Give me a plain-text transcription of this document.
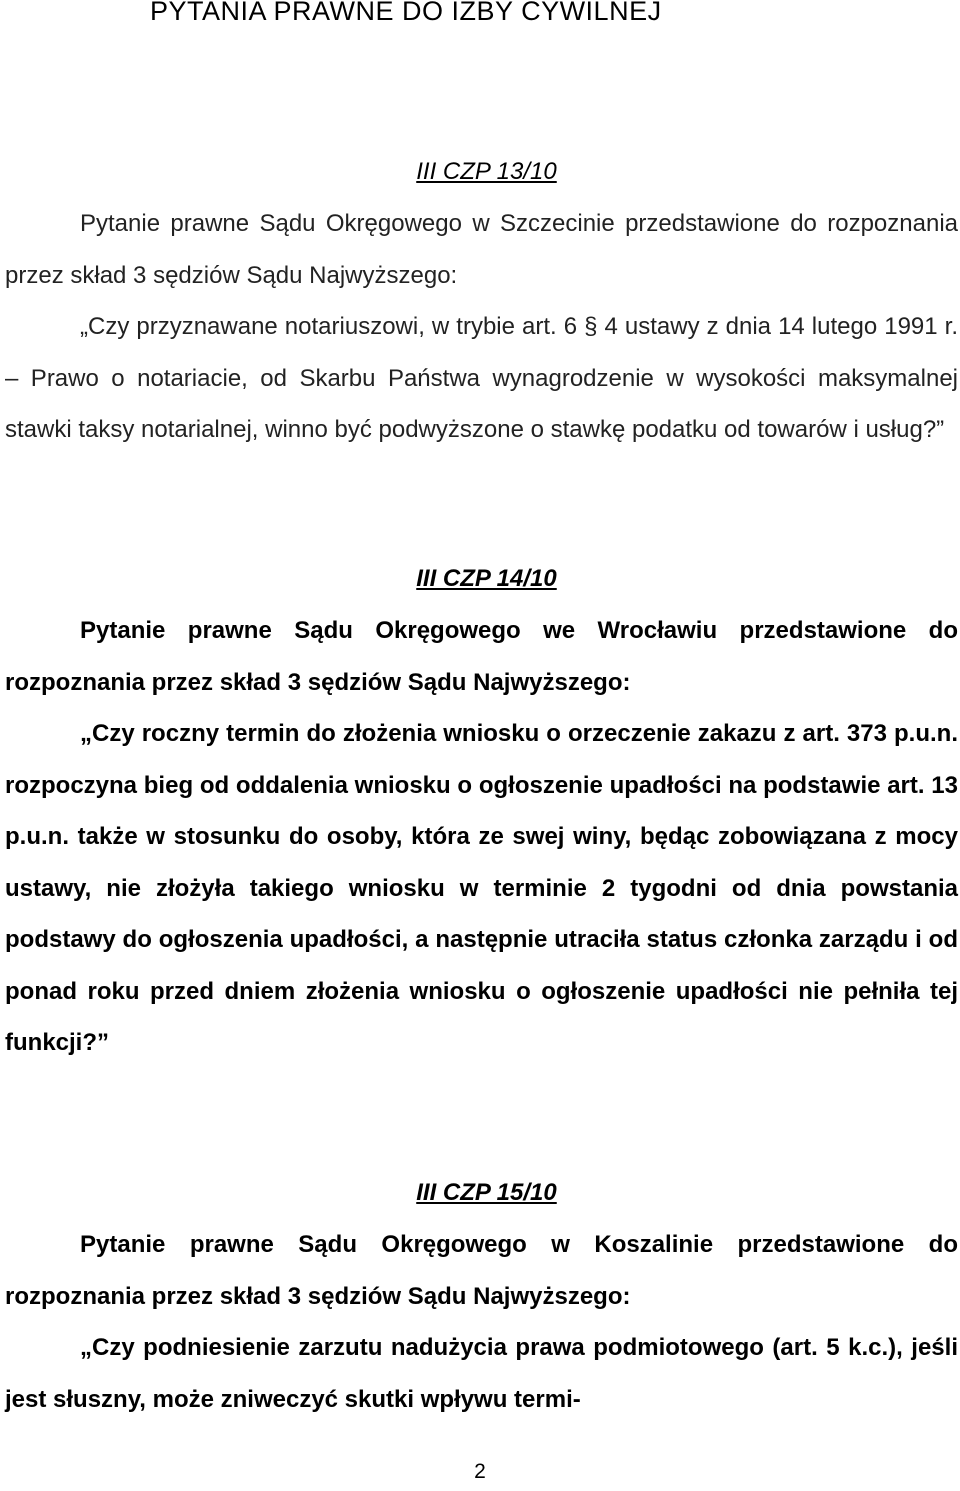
PYTANIA PRAWNE DO IZBY CYWILNEJ

III CZP 13/10

Pytanie prawne Sądu Okręgowego w Szczecinie przedstawione do rozpoznania przez skład 3 sędziów Sądu Najwyższego:

„Czy przyznawane notariuszowi, w trybie art. 6 § 4 ustawy z dnia 14 lutego 1991 r. – Prawo o notariacie, od Skarbu Państwa wynagrodzenie w wysokości maksymalnej stawki taksy notarialnej, winno być podwyższone o stawkę podatku od towarów i usług?”

III CZP 14/10

Pytanie prawne Sądu Okręgowego we Wrocławiu przedstawione do rozpoznania przez skład 3 sędziów Sądu Najwyższego:

„Czy roczny termin do złożenia wniosku o orzeczenie zakazu z art. 373 p.u.n. rozpoczyna bieg od oddalenia wniosku o ogłoszenie upadłości na podstawie art. 13 p.u.n. także w stosunku do osoby, która ze swej winy, będąc zobowiązana z mocy ustawy, nie złożyła takiego wniosku w terminie 2 tygodni od dnia powstania podstawy do ogłoszenia upadłości, a następnie utraciła status członka zarządu i od ponad roku przed dniem złożenia wniosku o ogłoszenie upadłości nie pełniła tej funkcji?”

III CZP 15/10

Pytanie prawne Sądu Okręgowego w Koszalinie przedstawione do rozpoznania przez skład 3 sędziów Sądu Najwyższego:

„Czy podniesienie zarzutu nadużycia prawa podmiotowego (art. 5 k.c.), jeśli jest słuszny, może zniweczyć skutki wpływu termi-

2
